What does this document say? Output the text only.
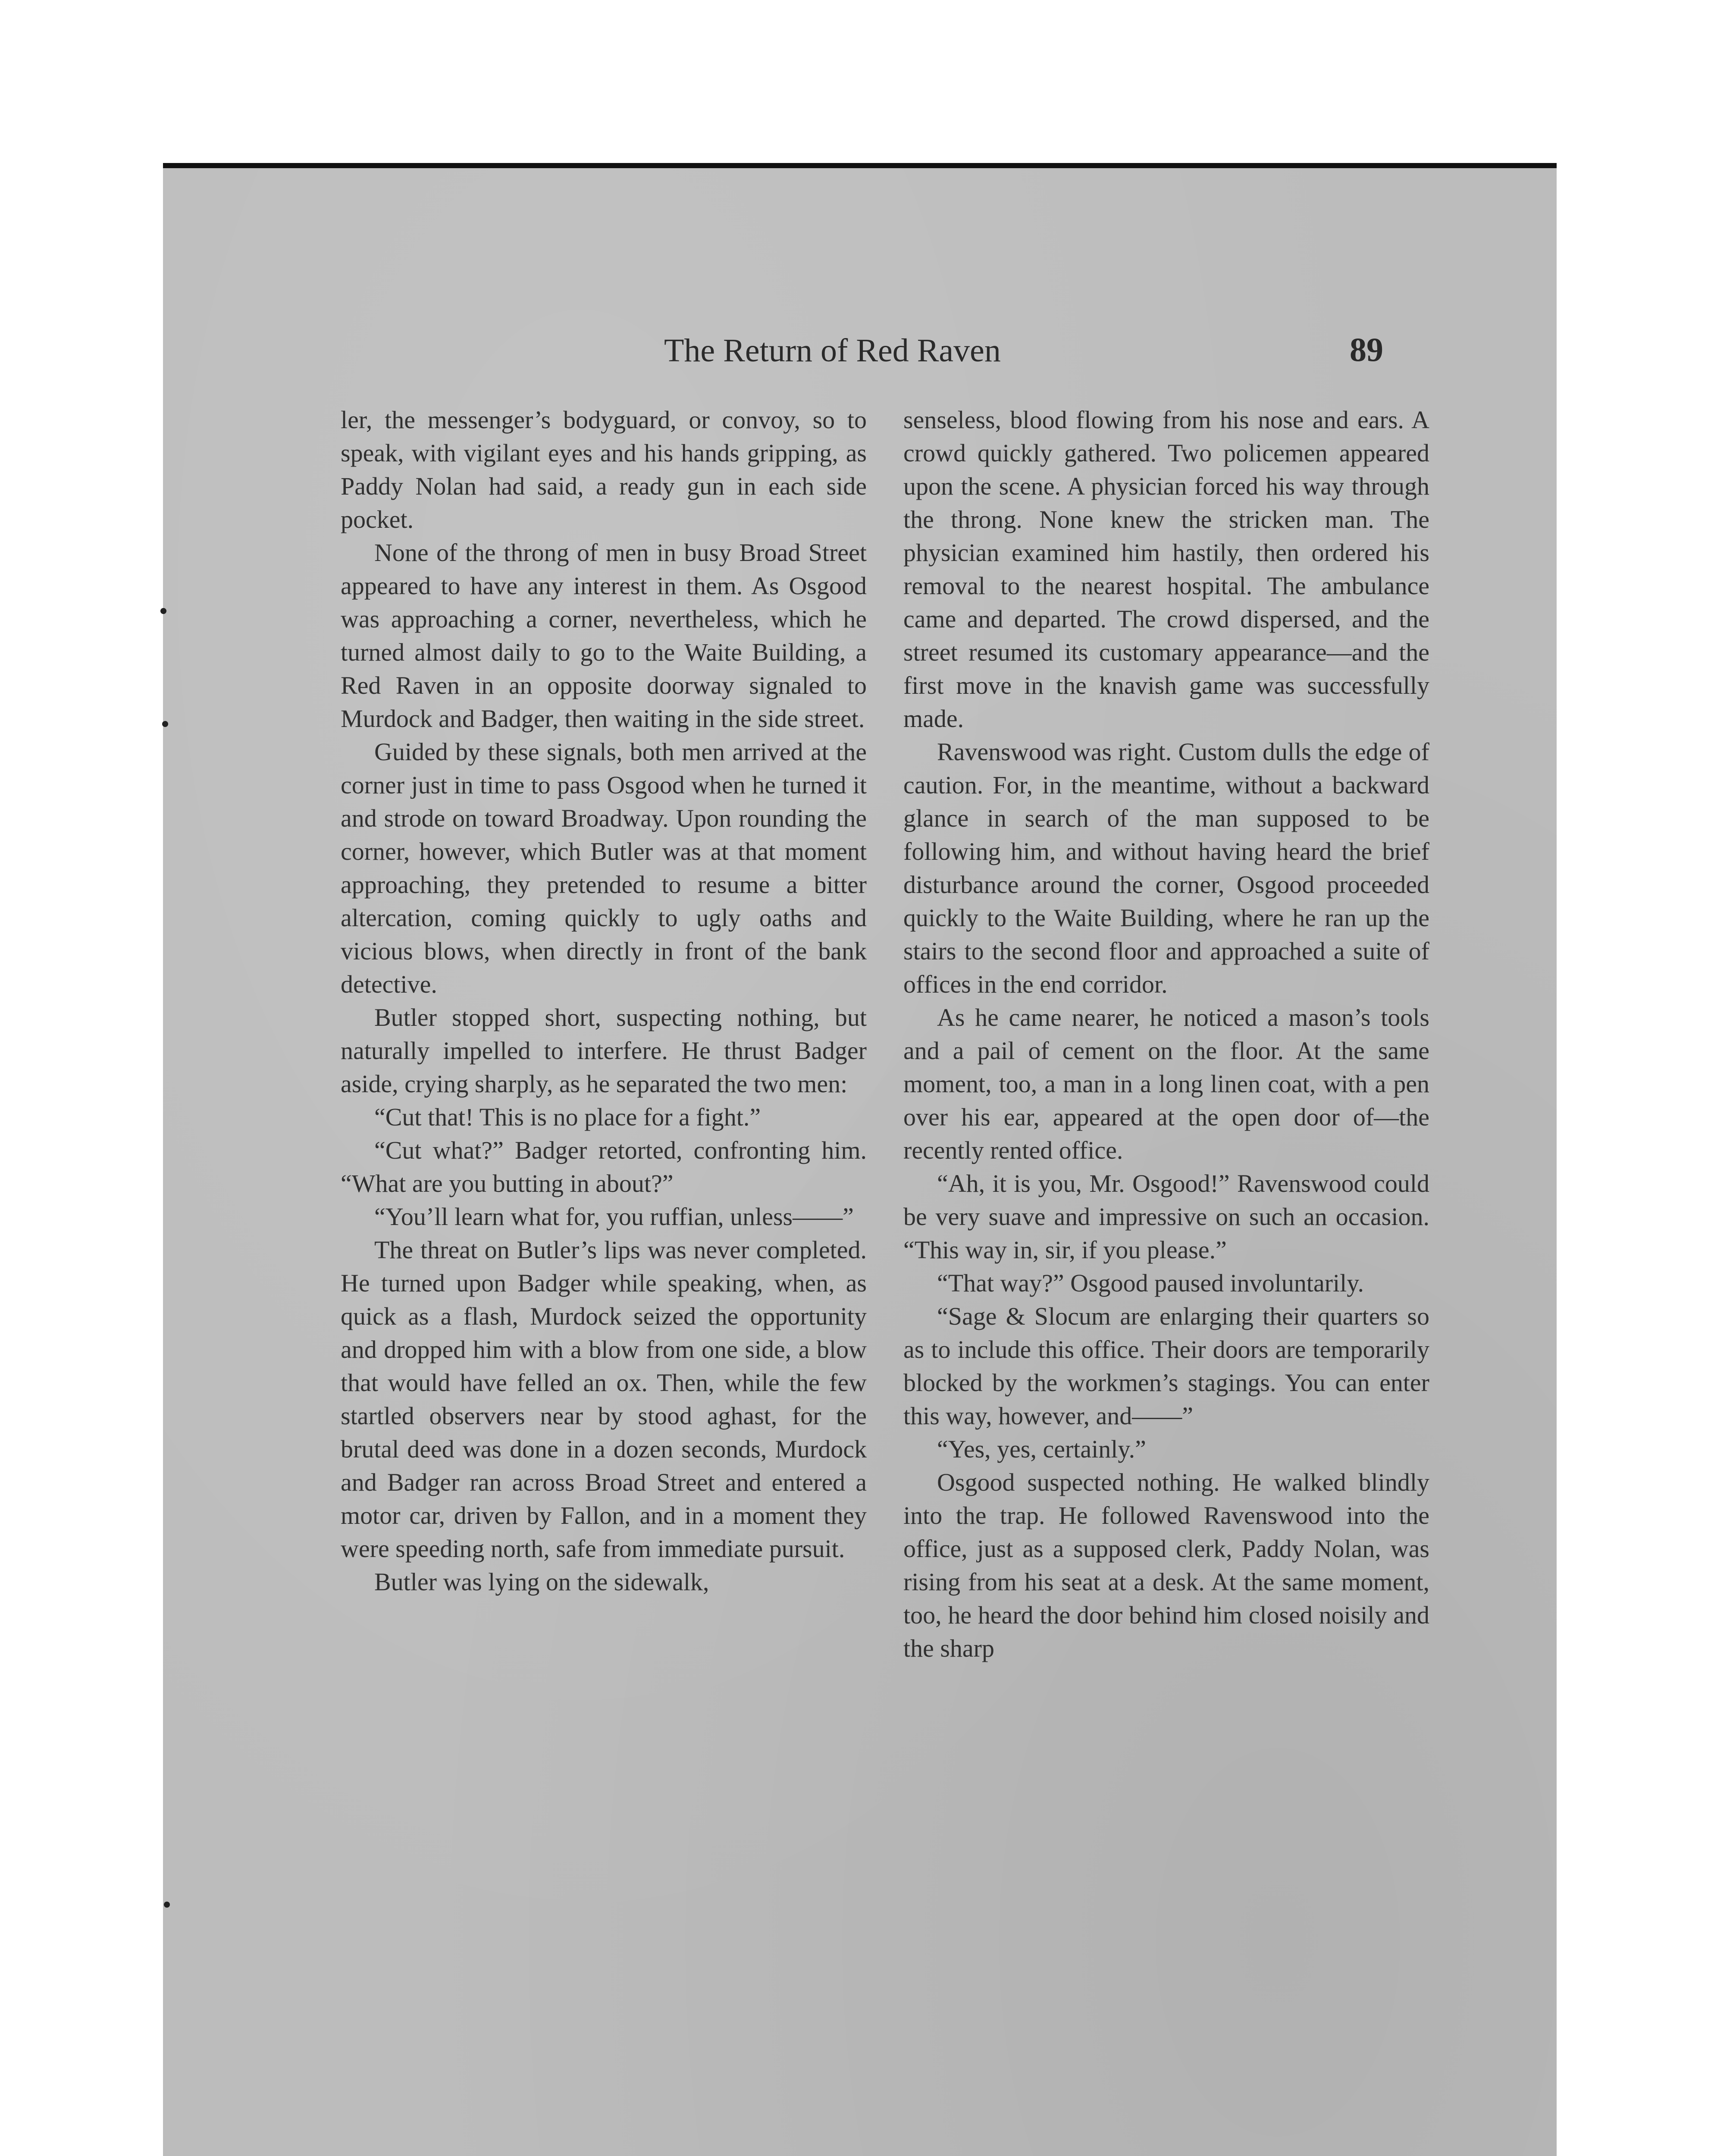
The Return of Red Raven	89

ler, the messenger’s bodyguard, or convoy, so to speak, with vigilant eyes and his hands gripping, as Paddy Nolan had said, a ready gun in each side pocket.

None of the throng of men in busy Broad Street appeared to have any interest in them. As Osgood was approaching a corner, nevertheless, which he turned almost daily to go to the Waite Building, a Red Raven in an opposite doorway signaled to Murdock and Badger, then waiting in the side street.

Guided by these signals, both men arrived at the corner just in time to pass Osgood when he turned it and strode on toward Broadway. Upon rounding the corner, however, which Butler was at that moment approaching, they pretended to resume a bitter altercation, coming quickly to ugly oaths and vicious blows, when directly in front of the bank detective.

Butler stopped short, suspecting nothing, but naturally impelled to interfere. He thrust Badger aside, crying sharply, as he separated the two men:

“Cut that! This is no place for a fight.”

“Cut what?” Badger retorted, confronting him. “What are you butting in about?”

“You’ll learn what for, you ruffian, unless——”

The threat on Butler’s lips was never completed. He turned upon Badger while speaking, when, as quick as a flash, Murdock seized the opportunity and dropped him with a blow from one side, a blow that would have felled an ox. Then, while the few startled observers near by stood aghast, for the brutal deed was done in a dozen seconds, Murdock and Badger ran across Broad Street and entered a motor car, driven by Fallon, and in a moment they were speeding north, safe from immediate pursuit.

Butler was lying on the sidewalk,

senseless, blood flowing from his nose and ears. A crowd quickly gathered. Two policemen appeared upon the scene. A physician forced his way through the throng. None knew the stricken man. The physician examined him hastily, then ordered his removal to the nearest hospital. The ambulance came and departed. The crowd dispersed, and the street resumed its customary appearance—and the first move in the knavish game was successfully made.

Ravenswood was right. Custom dulls the edge of caution. For, in the meantime, without a backward glance in search of the man supposed to be following him, and without having heard the brief disturbance around the corner, Osgood proceeded quickly to the Waite Building, where he ran up the stairs to the second floor and approached a suite of offices in the end corridor.

As he came nearer, he noticed a mason’s tools and a pail of cement on the floor. At the same moment, too, a man in a long linen coat, with a pen over his ear, appeared at the open door of—the recently rented office.

“Ah, it is you, Mr. Osgood!” Ravenswood could be very suave and impressive on such an occasion. “This way in, sir, if you please.”

“That way?” Osgood paused involuntarily.

“Sage & Slocum are enlarging their quarters so as to include this office. Their doors are temporarily blocked by the workmen’s stagings. You can enter this way, however, and——”

“Yes, yes, certainly.”

Osgood suspected nothing. He walked blindly into the trap. He followed Ravenswood into the office, just as a supposed clerk, Paddy Nolan, was rising from his seat at a desk. At the same moment, too, he heard the door behind him closed noisily and the sharp
